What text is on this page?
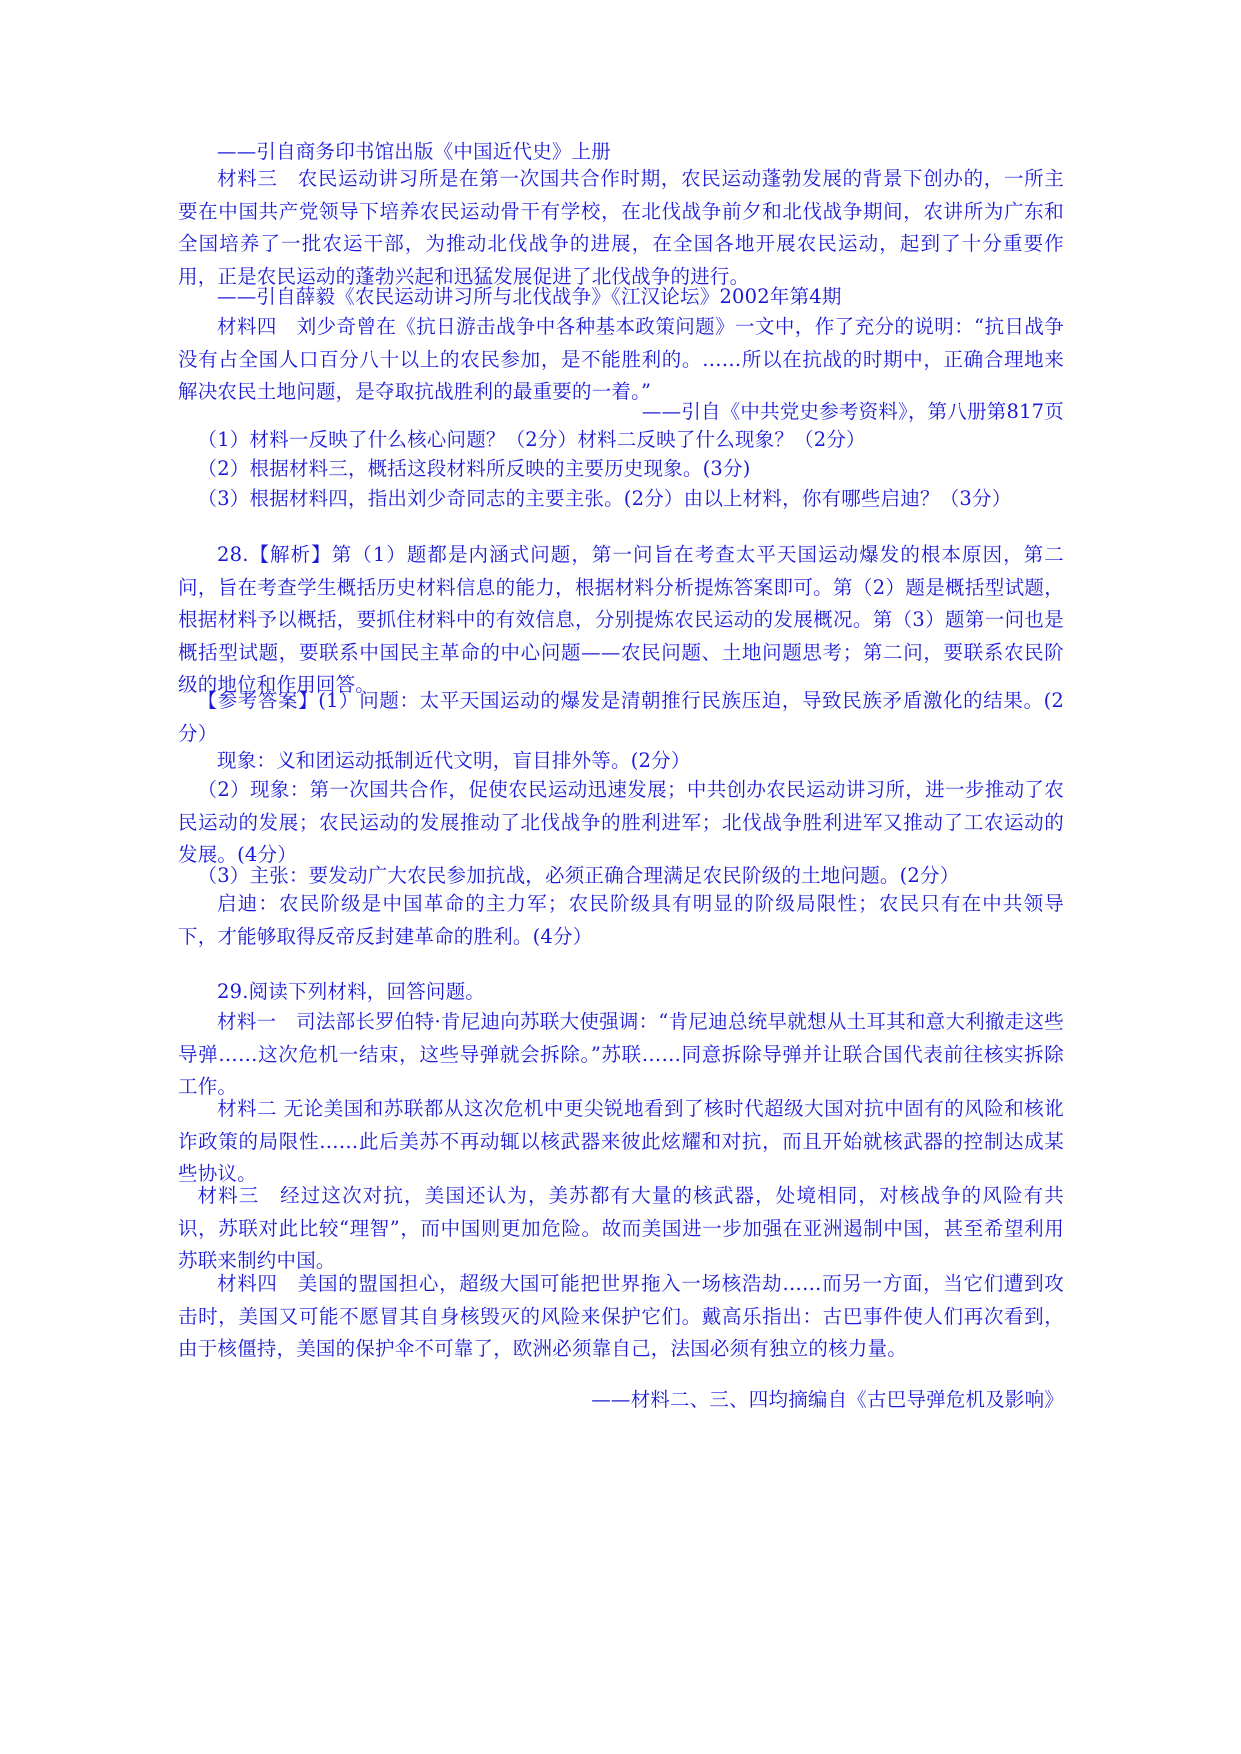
——引自商务印书馆出版《中国近代史》上册
材料三　农民运动讲习所是在第一次国共合作时期，农民运动蓬勃发展的背景下创办的，一所主要在中国共产党领导下培养农民运动骨干有学校，在北伐战争前夕和北伐战争期间，农讲所为广东和全国培养了一批农运干部，为推动北伐战争的进展，在全国各地开展农民运动，起到了十分重要作用，正是农民运动的蓬勃兴起和迅猛发展促进了北伐战争的进行。
——引自薛毅《农民运动讲习所与北伐战争》《江汉论坛》2002年第4期
材料四　刘少奇曾在《抗日游击战争中各种基本政策问题》一文中，作了充分的说明：“抗日战争没有占全国人口百分八十以上的农民参加，是不能胜利的。……所以在抗战的时期中，正确合理地来解决农民土地问题，是夺取抗战胜利的最重要的一着。”
——引自《中共党史参考资料》，第八册第817页
（1）材料一反映了什么核心问题？（2分）材料二反映了什么现象？（2分）
（2）根据材料三，概括这段材料所反映的主要历史现象。(3分)
（3）根据材料四，指出刘少奇同志的主要主张。(2分）由以上材料，你有哪些启迪？（3分）
28.【解析】第（1）题都是内涵式问题，第一问旨在考查太平天国运动爆发的根本原因，第二问，旨在考查学生概括历史材料信息的能力，根据材料分析提炼答案即可。第（2）题是概括型试题，根据材料予以概括，要抓住材料中的有效信息，分别提炼农民运动的发展概况。第（3）题第一问也是概括型试题，要联系中国民主革命的中心问题——农民问题、土地问题思考；第二问，要联系农民阶级的地位和作用回答。
【参考答案】(1）问题：太平天国运动的爆发是清朝推行民族压迫，导致民族矛盾激化的结果。(2分）
现象：义和团运动抵制近代文明，盲目排外等。(2分）
（2）现象：第一次国共合作，促使农民运动迅速发展；中共创办农民运动讲习所，进一步推动了农民运动的发展；农民运动的发展推动了北伐战争的胜利进军；北伐战争胜利进军又推动了工农运动的发展。(4分）
（3）主张：要发动广大农民参加抗战，必须正确合理满足农民阶级的土地问题。(2分）
启迪：农民阶级是中国革命的主力军；农民阶级具有明显的阶级局限性；农民只有在中共领导下，才能够取得反帝反封建革命的胜利。(4分）
29.阅读下列材料，回答问题。
材料一　司法部长罗伯特·肯尼迪向苏联大使强调：“肯尼迪总统早就想从土耳其和意大利撤走这些导弹……这次危机一结束，这些导弹就会拆除。”苏联……同意拆除导弹并让联合国代表前往核实拆除工作。
材料二 无论美国和苏联都从这次危机中更尖锐地看到了核时代超级大国对抗中固有的风险和核讹诈政策的局限性……此后美苏不再动辄以核武器来彼此炫耀和对抗，而且开始就核武器的控制达成某些协议。
材料三　经过这次对抗，美国还认为，美苏都有大量的核武器，处境相同，对核战争的风险有共识，苏联对此比较“理智”，而中国则更加危险。故而美国进一步加强在亚洲遏制中国，甚至希望利用苏联来制约中国。
材料四　美国的盟国担心，超级大国可能把世界拖入一场核浩劫……而另一方面，当它们遭到攻击时，美国又可能不愿冒其自身核毁灭的风险来保护它们。戴高乐指出：古巴事件使人们再次看到，由于核僵持，美国的保护伞不可靠了，欧洲必须靠自己，法国必须有独立的核力量。
——材料二、三、四均摘编自《古巴导弹危机及影响》
